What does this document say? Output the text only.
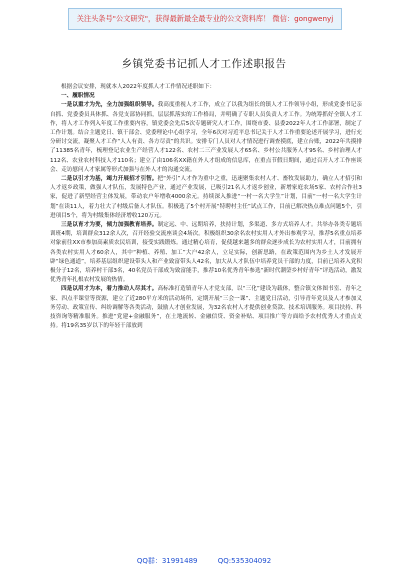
关注头条号"公文研究"，获得最新最全最专业的公文资料库！ 微信：gongwenyj
乡镇党委书记抓人才工作述职报告

根据会议安排，现就本人2022年度抓人才工作情况述职如下：

一、履职情况

一是以重才为先，全力加强组织领导。我高度重视人才工作，成立了以我为组长的镇人才工作领导小组，形成党委书记亲自抓、党委委员具体抓、各党支部协同抓，层层抓落实的工作格局，并明确了专职人员负责人才工作。为统筹抓好全镇人才工作，将人才工作列入年度工作重要内容，镇党委会先后5次专题研究人才工作，围绕市委、县委2022年人才工作部署，制定了工作计划。结合主题党日、镇干部会、党委理论中心组学习，全年6次对习近平总书记关于人才工作重要论述开展学习，进行充分研讨交流，凝聚人才工作“人人有责、各方尽责”的共识。安排专门人员对人才情况进行调查摸底，建立台账，2022年共摸排了11385名青年，梳理登记农业生产经营人才122名、农村二三产业发展人才65名、乡村公共服务人才95名、乡村治理人才112名、农业农村科技人才110名；建立了由106名XX籍在外人才组成的信息库，在重点节假日期间，通过召开人才工作座谈会、走访慰问人才家属等形式加强与在外人才的沟通交流。

二是以引才为基，竭力开展招才引智。把“外引”人才作为重中之重，迅速聚集农村人才、畜牧发展助力，确立人才招引和人才返乡政策，做强人才队伍，发展特色产业，通过产业发展，已吸引21名人才返乡创业，新增家庭农场5家、农村合作社3家，促进了新型经营主体发展，带动农户年增收4000余元。持续深入推进“一村一名大学生”计划，目前“一村一名大学生计划”在读11人，着力壮大了村级后备人才队伍。积极选了5个村开展“特聘村主任”试点工作，目前已解决热点难点问题5个，引进项目5个，将为村级集体经济增收120万元。

三是以育才为要，倾力加强教育培养。制定远、中、远期培养，扶持计划，多渠道、多方式培养人才。共举办各类专题培训班4期，培训群众312余人次，召开经验交流座谈会4场次。积极组织30余名农村实用人才外出参观学习，推荐5名重点培养对象前往XX市参加高素质农民培训，接受实践锻炼。通过精心培育，促使越来越多的群众逐步成长为农村实用人才，目前拥有各类农村实用人才60余人，其中“种植、养殖、加工”大户42余人，立足实际，创新思路，在政策范围内为乡土人才发展开辟“绿色通道”，培养基层组织建设带头人和产业致富带头人42名，加大从人才队伍中培养党员干部的力度，目前已培养入党积极分子12名，培养村干部3名，40名党员干部成为致富能手，推荐10名优秀青年参选“新时代潮蓥乡村好青年”评选活动，激发优秀青年扎根农村发展的热情。

四是以用才为本，着力推动人尽其才。高标准打造镇青年人才党支部，以“三化”建设为载体，整合镇文体图书室、青年之家、四点半课堂等资源，建立了近280平方米的活动场所，定期开展“三会一课”、主题党日活动，引导青年党员及人才参加义务劳动、政策宣传、纠纷调解等各类活动，鼓励人才创业发展，为32名农村人才提供创业贷款、技术培训服务。项目扶持、科技咨询等精准服务。推进“党建+金融服务”，在土地流转、金融信贷、资金补贴、项目推广等方面给予农村优秀人才重点支持。将19名35岁以下的年轻干部放到

QQ群：31991489 QQ:535304092
